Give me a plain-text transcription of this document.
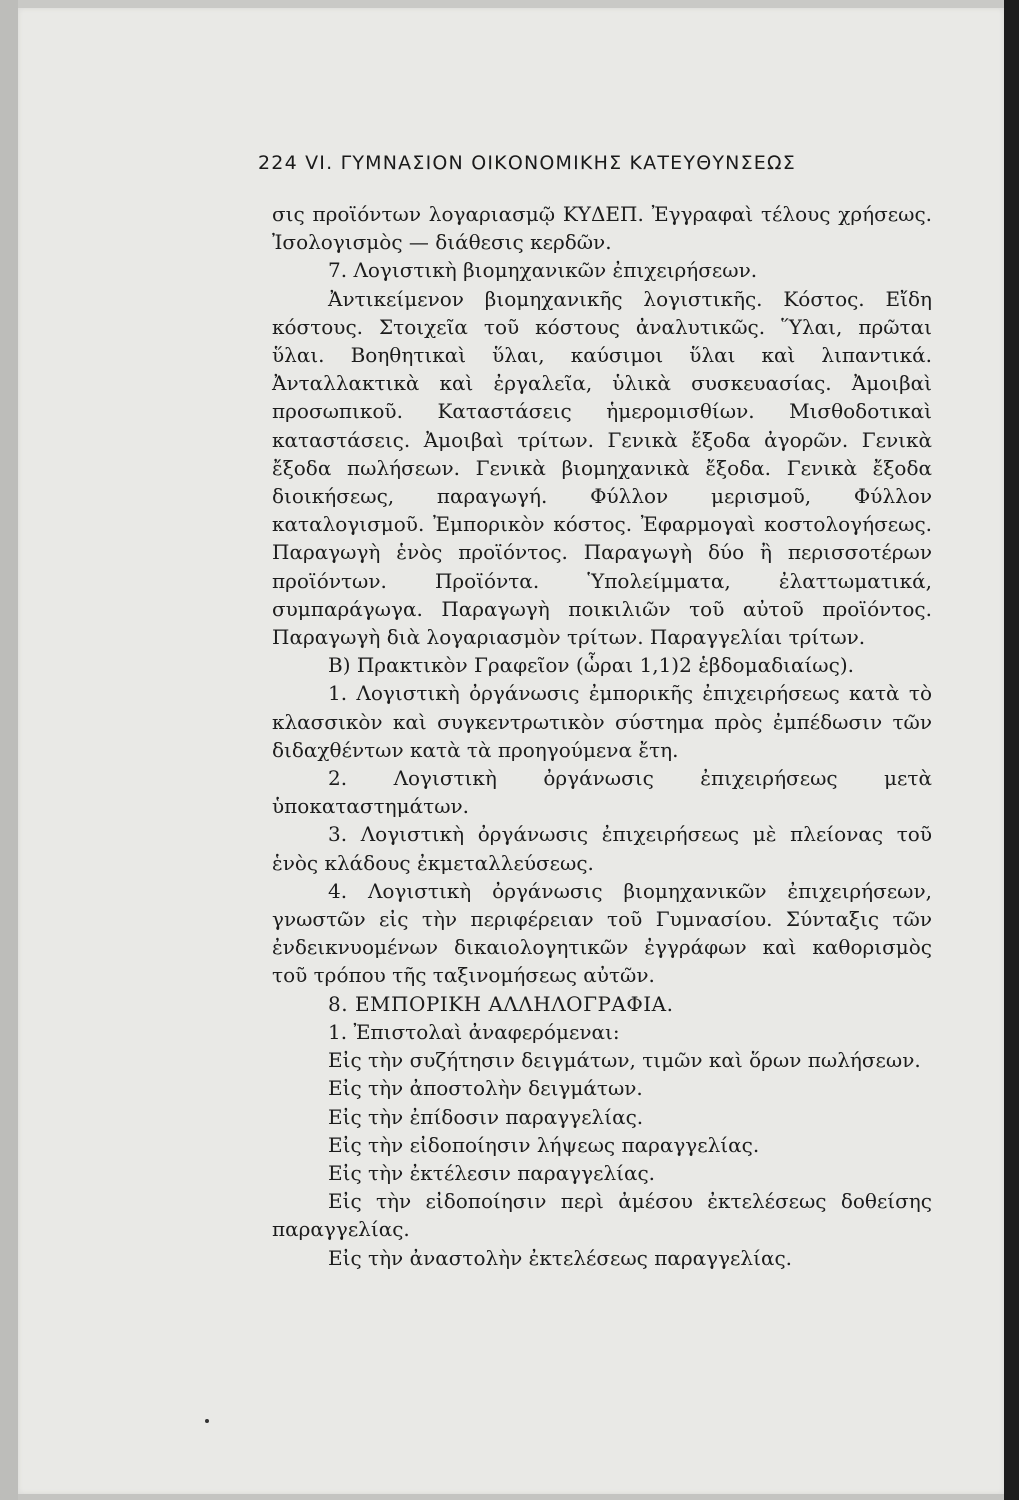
224 VI. ΓΥΜΝΑΣΙΟΝ ΟΙΚΟΝΟΜΙΚΗΣ ΚΑΤΕΥΘΥΝΣΕΩΣ

σις προϊόντων λογαριασμῷ ΚΥΔΕΠ. Ἐγγραφαὶ τέλους χρήσεως. Ἰσολογισμὸς — διάθεσις κερδῶν.

7. Λογιστικὴ βιομηχανικῶν ἐπιχειρήσεων.

Ἀντικείμενον βιομηχανικῆς λογιστικῆς. Κόστος. Εἴδη κόστους. Στοιχεῖα τοῦ κόστους ἀναλυτικῶς. Ὕλαι, πρῶται ὕλαι. Βοηθητικαὶ ὕλαι, καύσιμοι ὕλαι καὶ λιπαντικά. Ἀνταλλακτικὰ καὶ ἐργαλεῖα, ὑλικὰ συσκευασίας. Ἀμοιβαὶ προσωπικοῦ. Καταστάσεις ἡμερομισθίων. Μισθοδοτικαὶ καταστάσεις. Ἀμοιβαὶ τρίτων. Γενικὰ ἔξοδα ἀγορῶν. Γενικὰ ἔξοδα πωλήσεων. Γενικὰ βιομηχανικὰ ἔξοδα. Γενικὰ ἔξοδα διοικήσεως, παραγωγή. Φύλλον μερισμοῦ, Φύλλον καταλογισμοῦ. Ἐμπορικὸν κόστος. Ἐφαρμογαὶ κοστολογήσεως. Παραγωγὴ ἑνὸς προϊόντος. Παραγωγὴ δύο ἢ περισσοτέρων προϊόντων. Προϊόντα. Ὑπολείμματα, ἐλαττωματικά, συμπαράγωγα. Παραγωγὴ ποικιλιῶν τοῦ αὐτοῦ προϊόντος. Παραγωγὴ διὰ λογαριασμὸν τρίτων. Παραγγελίαι τρίτων.

Β) Πρακτικὸν Γραφεῖον (ὧραι 1,1)2 ἑβδομαδιαίως).

1. Λογιστικὴ ὀργάνωσις ἐμπορικῆς ἐπιχειρήσεως κατὰ τὸ κλασσικὸν καὶ συγκεντρωτικὸν σύστημα πρὸς ἐμπέδωσιν τῶν διδαχθέντων κατὰ τὰ προηγούμενα ἔτη.

2. Λογιστικὴ ὀργάνωσις ἐπιχειρήσεως μετὰ ὑποκαταστημάτων.

3. Λογιστικὴ ὀργάνωσις ἐπιχειρήσεως μὲ πλείονας τοῦ ἑνὸς κλάδους ἐκμεταλλεύσεως.

4. Λογιστικὴ ὀργάνωσις βιομηχανικῶν ἐπιχειρήσεων, γνωστῶν εἰς τὴν περιφέρειαν τοῦ Γυμνασίου. Σύνταξις τῶν ἐνδεικνυομένων δικαιολογητικῶν ἐγγράφων καὶ καθορισμὸς τοῦ τρόπου τῆς ταξινομήσεως αὐτῶν.

8. ΕΜΠΟΡΙΚΗ ΑΛΛΗΛΟΓΡΑΦΙΑ.

1. Ἐπιστολαὶ ἀναφερόμεναι:

Εἰς τὴν συζήτησιν δειγμάτων, τιμῶν καὶ ὅρων πωλήσεων.

Εἰς τὴν ἀποστολὴν δειγμάτων.

Εἰς τὴν ἐπίδοσιν παραγγελίας.

Εἰς τὴν εἰδοποίησιν λήψεως παραγγελίας.

Εἰς τὴν ἐκτέλεσιν παραγγελίας.

Εἰς τὴν εἰδοποίησιν περὶ ἀμέσου ἐκτελέσεως δοθείσης παραγγελίας.

Εἰς τὴν ἀναστολὴν ἐκτελέσεως παραγγελίας.
